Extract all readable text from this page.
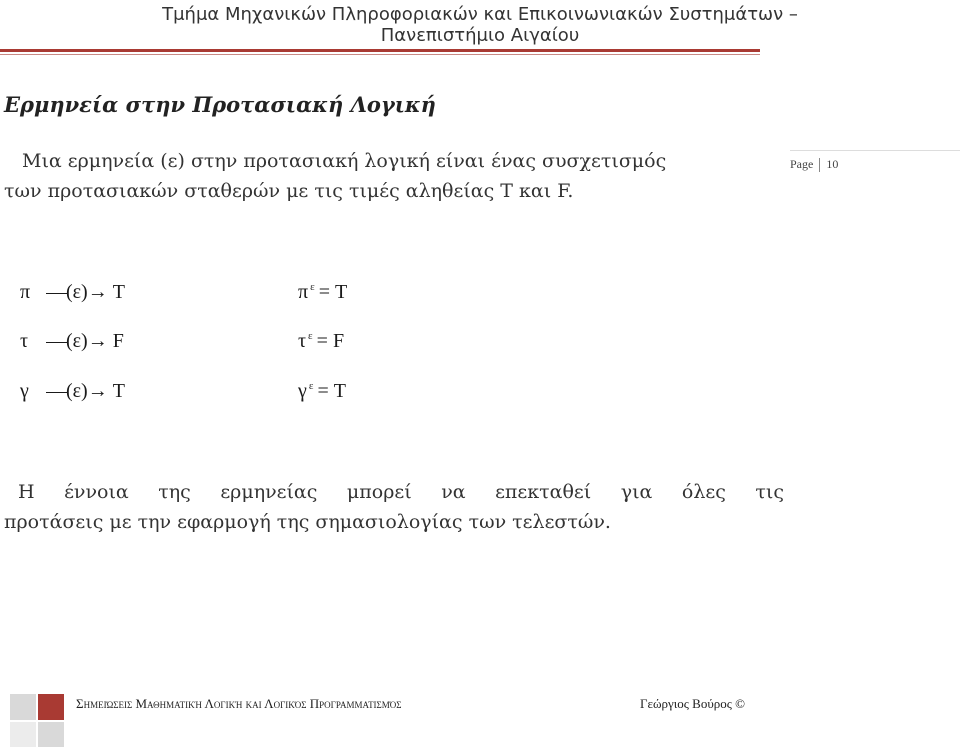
Τμήμα Μηχανικών Πληροφοριακών και Επικοινωνιακών Συστημάτων –
Πανεπιστήμιο Αιγαίου
Ερμηνεία στην Προτασιακή Λογική
Page 10
Μια ερμηνεία (ε) στην προτασιακή λογική είναι ένας συσχετισμός
των προτασιακών σταθερών με τις τιμές αληθείας T και F.
π (ε)→ T	π $^\varepsilon$ = T
τ (ε)→ F	τ $^\varepsilon$ = F
γ (ε)→ T	γ $^\varepsilon$ = T
Η έννοια της ερμηνείας μπορεί να επεκταθεί για όλες τις
προτάσεις με την εφαρμογή της σημασιολογίας των τελεστών.
Σημειώσεις Μαθηματική Λογική και Λογικός Προγραμματισμός	Γεώργιος Βούρος ©
